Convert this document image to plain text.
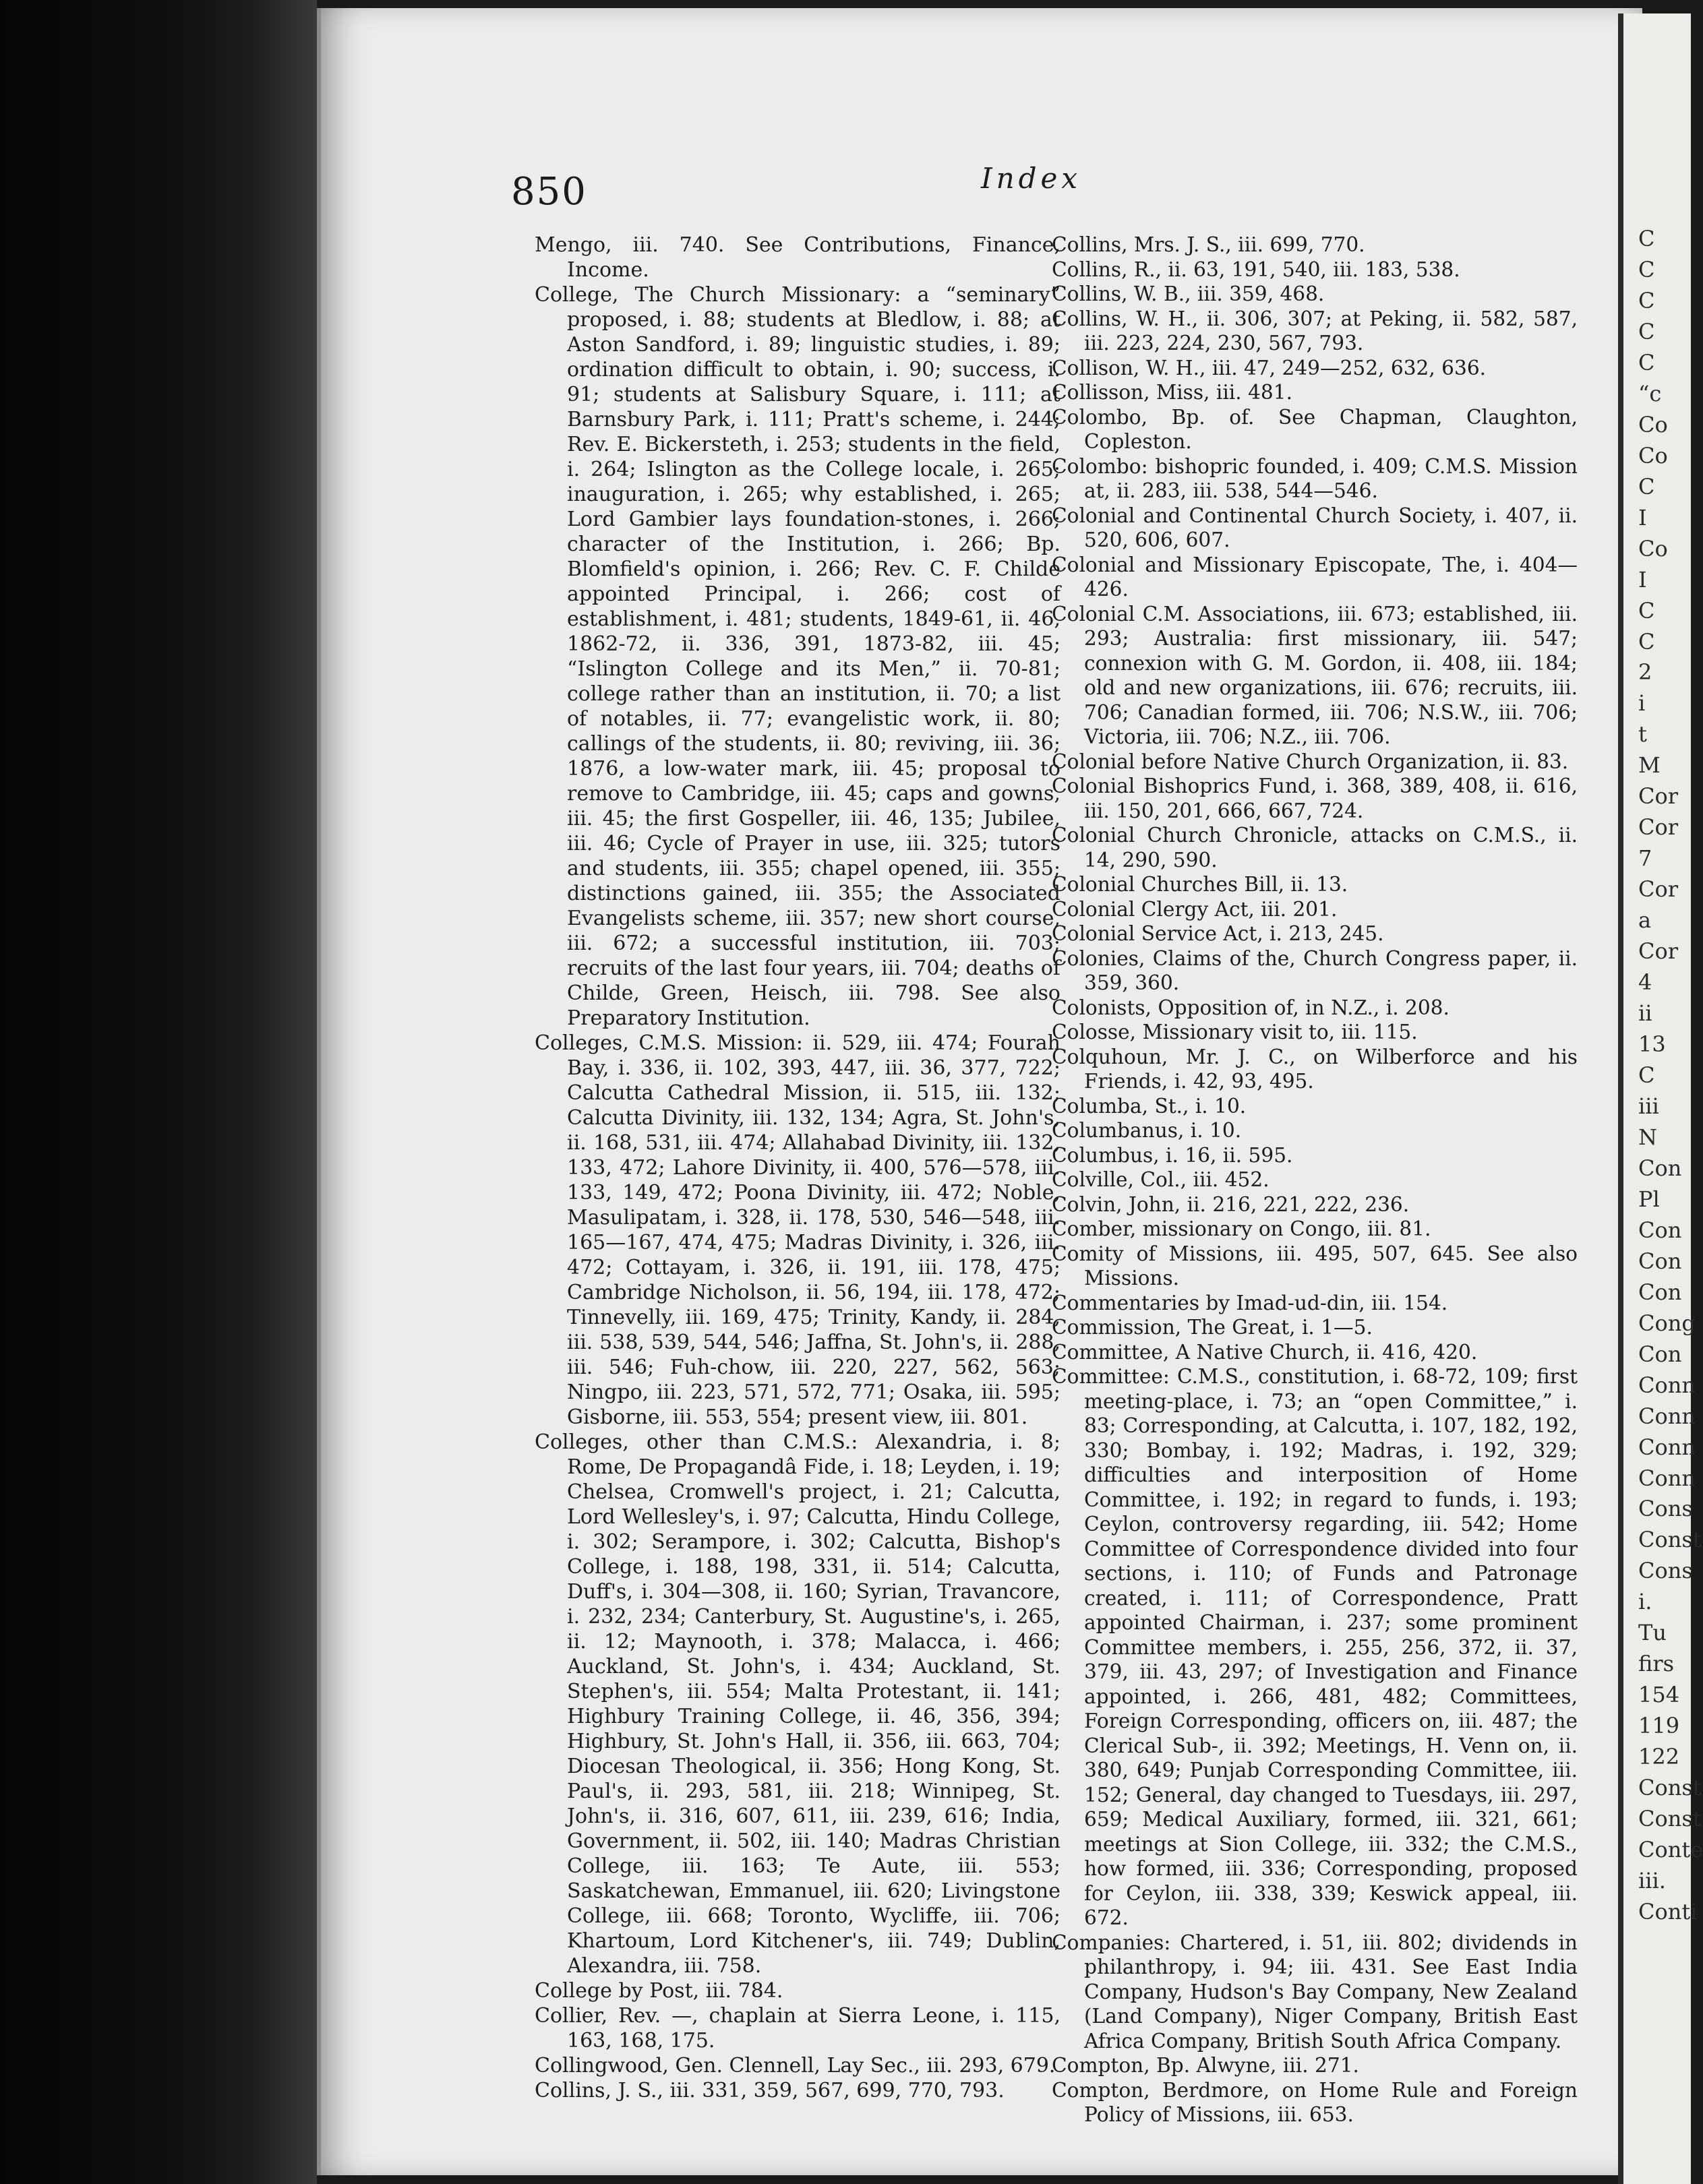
850	Index
Mengo, iii. 740. See Contributions, Finance, Income.
College, The Church Missionary: a “seminary” proposed, i. 88; students at Bledlow, i. 88; at Aston Sandford, i. 89; linguistic studies, i. 89; ordination difficult to obtain, i. 90; success, i. 91; students at Salisbury Square, i. 111; at Barnsbury Park, i. 111; Pratt's scheme, i. 244; Rev. E. Bickersteth, i. 253; students in the field, i. 264; Islington as the College locale, i. 265; inauguration, i. 265; why established, i. 265; Lord Gambier lays foundation-stones, i. 266; character of the Institution, i. 266; Bp. Blomfield's opinion, i. 266; Rev. C. F. Childe appointed Principal, i. 266; cost of establishment, i. 481; students, 1849-61, ii. 46, 1862-72, ii. 336, 391, 1873-82, iii. 45; “Islington College and its Men,” ii. 70-81; college rather than an institution, ii. 70; a list of notables, ii. 77; evangelistic work, ii. 80; callings of the students, ii. 80; reviving, iii. 36; 1876, a low-water mark, iii. 45; proposal to remove to Cambridge, iii. 45; caps and gowns, iii. 45; the first Gospeller, iii. 46, 135; Jubilee, iii. 46; Cycle of Prayer in use, iii. 325; tutors and students, iii. 355; chapel opened, iii. 355; distinctions gained, iii. 355; the Associated Evangelists scheme, iii. 357; new short course, iii. 672; a successful institution, iii. 703; recruits of the last four years, iii. 704; deaths of Childe, Green, Heisch, iii. 798. See also Preparatory Institution.
Colleges, C.M.S. Mission: ii. 529, iii. 474; Fourah Bay, i. 336, ii. 102, 393, 447, iii. 36, 377, 722; Calcutta Cathedral Mission, ii. 515, iii. 132; Calcutta Divinity, iii. 132, 134; Agra, St. John's, ii. 168, 531, iii. 474; Allahabad Divinity, iii. 132, 133, 472; Lahore Divinity, ii. 400, 576—578, iii. 133, 149, 472; Poona Divinity, iii. 472; Noble, Masulipatam, i. 328, ii. 178, 530, 546—548, iii. 165—167, 474, 475; Madras Divinity, i. 326, iii. 472; Cottayam, i. 326, ii. 191, iii. 178, 475; Cambridge Nicholson, ii. 56, 194, iii. 178, 472; Tinnevelly, iii. 169, 475; Trinity, Kandy, ii. 284, iii. 538, 539, 544, 546; Jaffna, St. John's, ii. 288, iii. 546; Fuh-chow, iii. 220, 227, 562, 563; Ningpo, iii. 223, 571, 572, 771; Osaka, iii. 595; Gisborne, iii. 553, 554; present view, iii. 801.
Colleges, other than C.M.S.: Alexandria, i. 8; Rome, De Propagandâ Fide, i. 18; Leyden, i. 19; Chelsea, Cromwell's project, i. 21; Calcutta, Lord Wellesley's, i. 97; Calcutta, Hindu College, i. 302; Serampore, i. 302; Calcutta, Bishop's College, i. 188, 198, 331, ii. 514; Calcutta, Duff's, i. 304—308, ii. 160; Syrian, Travancore, i. 232, 234; Canterbury, St. Augustine's, i. 265, ii. 12; Maynooth, i. 378; Malacca, i. 466; Auckland, St. John's, i. 434; Auckland, St. Stephen's, iii. 554; Malta Protestant, ii. 141; Highbury Training College, ii. 46, 356, 394; Highbury, St. John's Hall, ii. 356, iii. 663, 704; Diocesan Theological, ii. 356; Hong Kong, St. Paul's, ii. 293, 581, iii. 218; Winnipeg, St. John's, ii. 316, 607, 611, iii. 239, 616; India, Government, ii. 502, iii. 140; Madras Christian College, iii. 163; Te Aute, iii. 553; Saskatchewan, Emmanuel, iii. 620; Livingstone College, iii. 668; Toronto, Wycliffe, iii. 706; Khartoum, Lord Kitchener's, iii. 749; Dublin, Alexandra, iii. 758.
College by Post, iii. 784.
Collier, Rev. —, chaplain at Sierra Leone, i. 115, 163, 168, 175.
Collingwood, Gen. Clennell, Lay Sec., iii. 293, 679.
Collins, J. S., iii. 331, 359, 567, 699, 770, 793.
Collins, Mrs. J. S., iii. 699, 770.
Collins, R., ii. 63, 191, 540, iii. 183, 538.
Collins, W. B., iii. 359, 468.
Collins, W. H., ii. 306, 307; at Peking, ii. 582, 587, iii. 223, 224, 230, 567, 793.
Collison, W. H., iii. 47, 249—252, 632, 636.
Collisson, Miss, iii. 481.
Colombo, Bp. of. See Chapman, Claughton, Copleston.
Colombo: bishopric founded, i. 409; C.M.S. Mission at, ii. 283, iii. 538, 544—546.
Colonial and Continental Church Society, i. 407, ii. 520, 606, 607.
Colonial and Missionary Episcopate, The, i. 404—426.
Colonial C.M. Associations, iii. 673; established, iii. 293; Australia: first missionary, iii. 547; connexion with G. M. Gordon, ii. 408, iii. 184; old and new organizations, iii. 676; recruits, iii. 706; Canadian formed, iii. 706; N.S.W., iii. 706; Victoria, iii. 706; N.Z., iii. 706.
Colonial before Native Church Organization, ii. 83.
Colonial Bishoprics Fund, i. 368, 389, 408, ii. 616, iii. 150, 201, 666, 667, 724.
Colonial Church Chronicle, attacks on C.M.S., ii. 14, 290, 590.
Colonial Churches Bill, ii. 13.
Colonial Clergy Act, iii. 201.
Colonial Service Act, i. 213, 245.
Colonies, Claims of the, Church Congress paper, ii. 359, 360.
Colonists, Opposition of, in N.Z., i. 208.
Colosse, Missionary visit to, iii. 115.
Colquhoun, Mr. J. C., on Wilberforce and his Friends, i. 42, 93, 495.
Columba, St., i. 10.
Columbanus, i. 10.
Columbus, i. 16, ii. 595.
Colville, Col., iii. 452.
Colvin, John, ii. 216, 221, 222, 236.
Comber, missionary on Congo, iii. 81.
Comity of Missions, iii. 495, 507, 645. See also Missions.
Commentaries by Imad-ud-din, iii. 154.
Commission, The Great, i. 1—5.
Committee, A Native Church, ii. 416, 420.
Committee: C.M.S., constitution, i. 68-72, 109; first meeting-place, i. 73; an “open Committee,” i. 83; Corresponding, at Calcutta, i. 107, 182, 192, 330; Bombay, i. 192; Madras, i. 192, 329; difficulties and interposition of Home Committee, i. 192; in regard to funds, i. 193; Ceylon, controversy regarding, iii. 542; Home Committee of Correspondence divided into four sections, i. 110; of Funds and Patronage created, i. 111; of Correspondence, Pratt appointed Chairman, i. 237; some prominent Committee members, i. 255, 256, 372, ii. 37, 379, iii. 43, 297; of Investigation and Finance appointed, i. 266, 481, 482; Committees, Foreign Corresponding, officers on, iii. 487; the Clerical Sub-, ii. 392; Meetings, H. Venn on, ii. 380, 649; Punjab Corresponding Committee, iii. 152; General, day changed to Tuesdays, iii. 297, 659; Medical Auxiliary, formed, iii. 321, 661; meetings at Sion College, iii. 332; the C.M.S., how formed, iii. 336; Corresponding, proposed for Ceylon, iii. 338, 339; Keswick appeal, iii. 672.
Companies: Chartered, i. 51, iii. 802; dividends in philanthropy, i. 94; iii. 431. See East India Company, Hudson's Bay Company, New Zealand (Land Company), Niger Company, British East Africa Company, British South Africa Company.
Compton, Bp. Alwyne, iii. 271.
Compton, Berdmore, on Home Rule and Foreign Policy of Missions, iii. 653.
C
C
C
C
C
“c
Co
Co
C
I
Co
I
C
C
2
i
t
M
Cor
Cor
7
Cor
a
Cor
4
ii
13
C
iii
N
Con
Pl
Con
Con
Con
Cong
Con
Conn
Conn
Conn
Conn
Cons
Const
Cons
i.
Tu
firs
154
119
122
Const
Const
Conte
iii.
Conti
